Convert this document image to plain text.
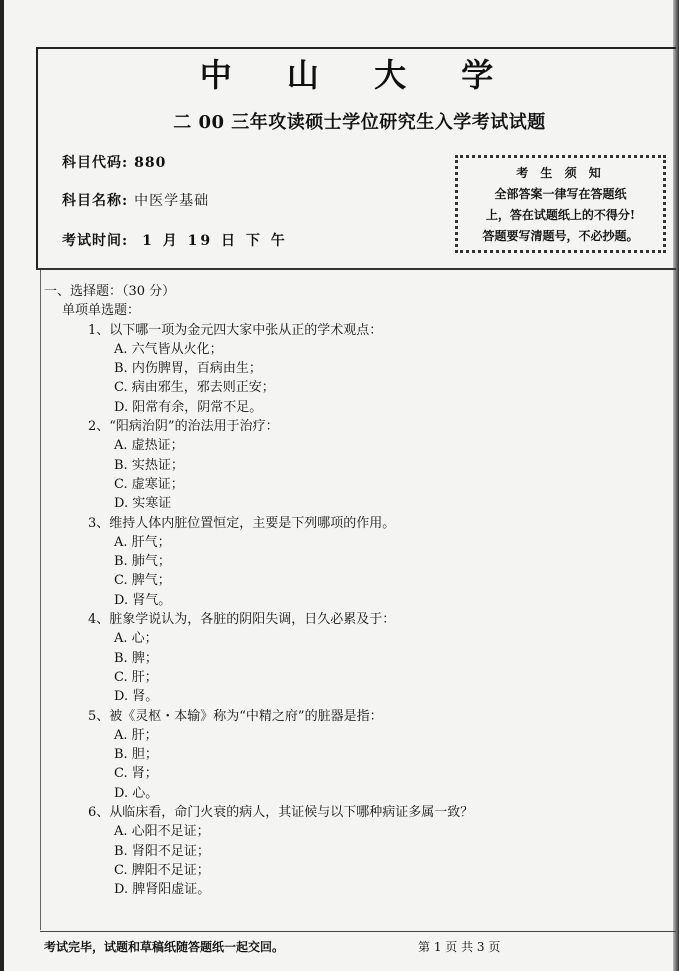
中 山 大 学
二 00 三年攻读硕士学位研究生入学考试试题
科目代码: 880
科目名称: 中医学基础
考试时间: 1 月 19 日 下 午
考 生 须 知
全部答案一律写在答题纸
上，答在试题纸上的不得分!
答题要写清题号，不必抄题。
一、选择题：（30 分）
单项单选题：
1、以下哪一项为金元四大家中张从正的学术观点：
A. 六气皆从火化；
B. 内伤脾胃，百病由生；
C. 病由邪生，邪去则正安；
D. 阳常有余，阴常不足。
2、“阳病治阴”的治法用于治疗：
A. 虚热证；
B. 实热证；
C. 虚寒证；
D. 实寒证
3、维持人体内脏位置恒定，主要是下列哪项的作用。
A. 肝气；
B. 肺气；
C. 脾气；
D. 肾气。
4、脏象学说认为，各脏的阴阳失调，日久必累及于：
A. 心；
B. 脾；
C. 肝；
D. 肾。
5、被《灵枢・本输》称为“中精之府”的脏器是指：
A. 肝；
B. 胆；
C. 肾；
D. 心。
6、从临床看，命门火衰的病人，其证候与以下哪种病证多属一致？
A. 心阳不足证；
B. 肾阳不足证；
C. 脾阳不足证；
D. 脾肾阳虚证。
考试完毕，试题和草稿纸随答题纸一起交回。	第 1 页 共 3 页
